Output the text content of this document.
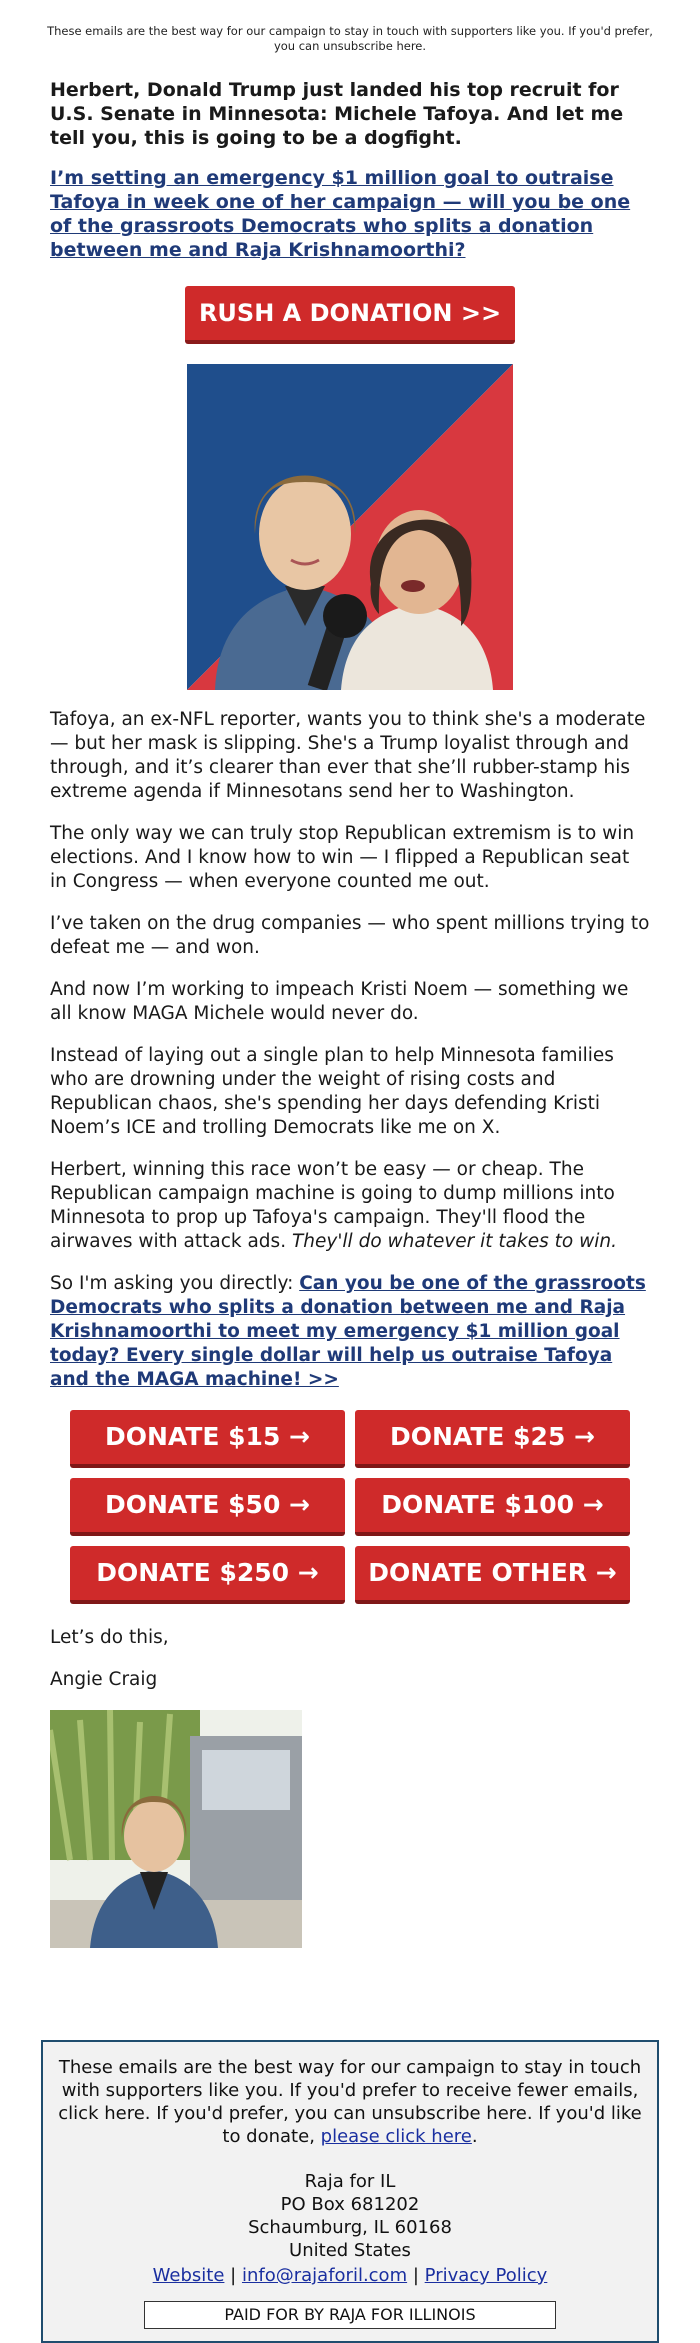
These emails are the best way for our campaign to stay in touch with supporters like you. If you'd prefer, you can unsubscribe here.

Herbert, Donald Trump just landed his top recruit for U.S. Senate in Minnesota: Michele Tafoya. And let me tell you, this is going to be a dogfight.

I’m setting an emergency $1 million goal to outraise Tafoya in week one of her campaign — will you be one of the grassroots Democrats who splits a donation between me and Raja Krishnamoorthi?
RUSH A DONATION >>

Tafoya, an ex-NFL reporter, wants you to think she's a moderate — but her mask is slipping. She's a Trump loyalist through and through, and it’s clearer than ever that she’ll rubber-stamp his extreme agenda if Minnesotans send her to Washington.

The only way we can truly stop Republican extremism is to win elections. And I know how to win — I flipped a Republican seat in Congress — when everyone counted me out.

I’ve taken on the drug companies — who spent millions trying to defeat me — and won.

And now I’m working to impeach Kristi Noem — something we all know MAGA Michele would never do.

Instead of laying out a single plan to help Minnesota families who are drowning under the weight of rising costs and Republican chaos, she's spending her days defending Kristi Noem’s ICE and trolling Democrats like me on X.

Herbert, winning this race won’t be easy — or cheap. The Republican campaign machine is going to dump millions into Minnesota to prop up Tafoya's campaign. They'll flood the airwaves with attack ads. They'll do whatever it takes to win.

So I'm asking you directly: Can you be one of the grassroots Democrats who splits a donation between me and Raja Krishnamoorthi to meet my emergency $1 million goal today? Every single dollar will help us outraise Tafoya and the MAGA machine! >>

DONATE $15 →	DONATE $25 →
DONATE $50 →	DONATE $100 →
DONATE $250 →	DONATE OTHER →

Let’s do this,

Angie Craig

These emails are the best way for our campaign to stay in touch with supporters like you. If you'd prefer to receive fewer emails, click here. If you'd prefer, you can unsubscribe here. If you'd like to donate, please click here.
Raja for IL
PO Box 681202
Schaumburg, IL 60168
United States
Website | info@rajaforil.com | Privacy Policy
PAID FOR BY RAJA FOR ILLINOIS
